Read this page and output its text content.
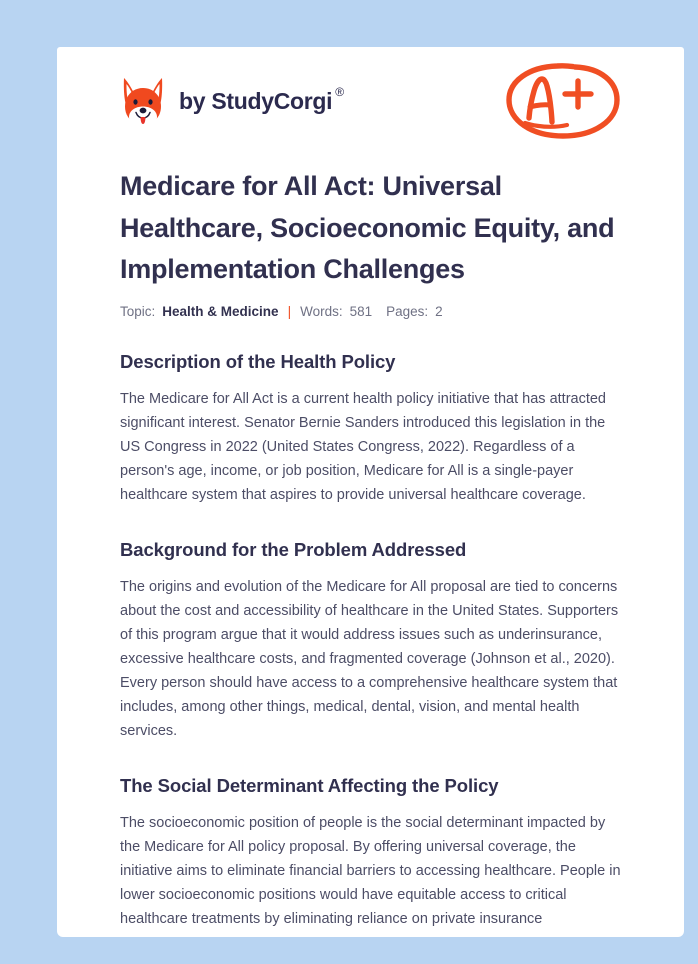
by StudyCorgi ®
Medicare for All Act: Universal Healthcare, Socioeconomic Equity, and Implementation Challenges
Topic: Health & Medicine | Words: 581 Pages: 2
Description of the Health Policy

The Medicare for All Act is a current health policy initiative that has attracted significant interest. Senator Bernie Sanders introduced this legislation in the US Congress in 2022 (United States Congress, 2022). Regardless of a person's age, income, or job position, Medicare for All is a single-payer healthcare system that aspires to provide universal healthcare coverage.

Background for the Problem Addressed

The origins and evolution of the Medicare for All proposal are tied to concerns about the cost and accessibility of healthcare in the United States. Supporters of this program argue that it would address issues such as underinsurance, excessive healthcare costs, and fragmented coverage (Johnson et al., 2020). Every person should have access to a comprehensive healthcare system that includes, among other things, medical, dental, vision, and mental health services.

The Social Determinant Affecting the Policy

The socioeconomic position of people is the social determinant impacted by the Medicare for All policy proposal. By offering universal coverage, the initiative aims to eliminate financial barriers to accessing healthcare. People in lower socioeconomic positions would have equitable access to critical healthcare treatments by eliminating reliance on private insurance
